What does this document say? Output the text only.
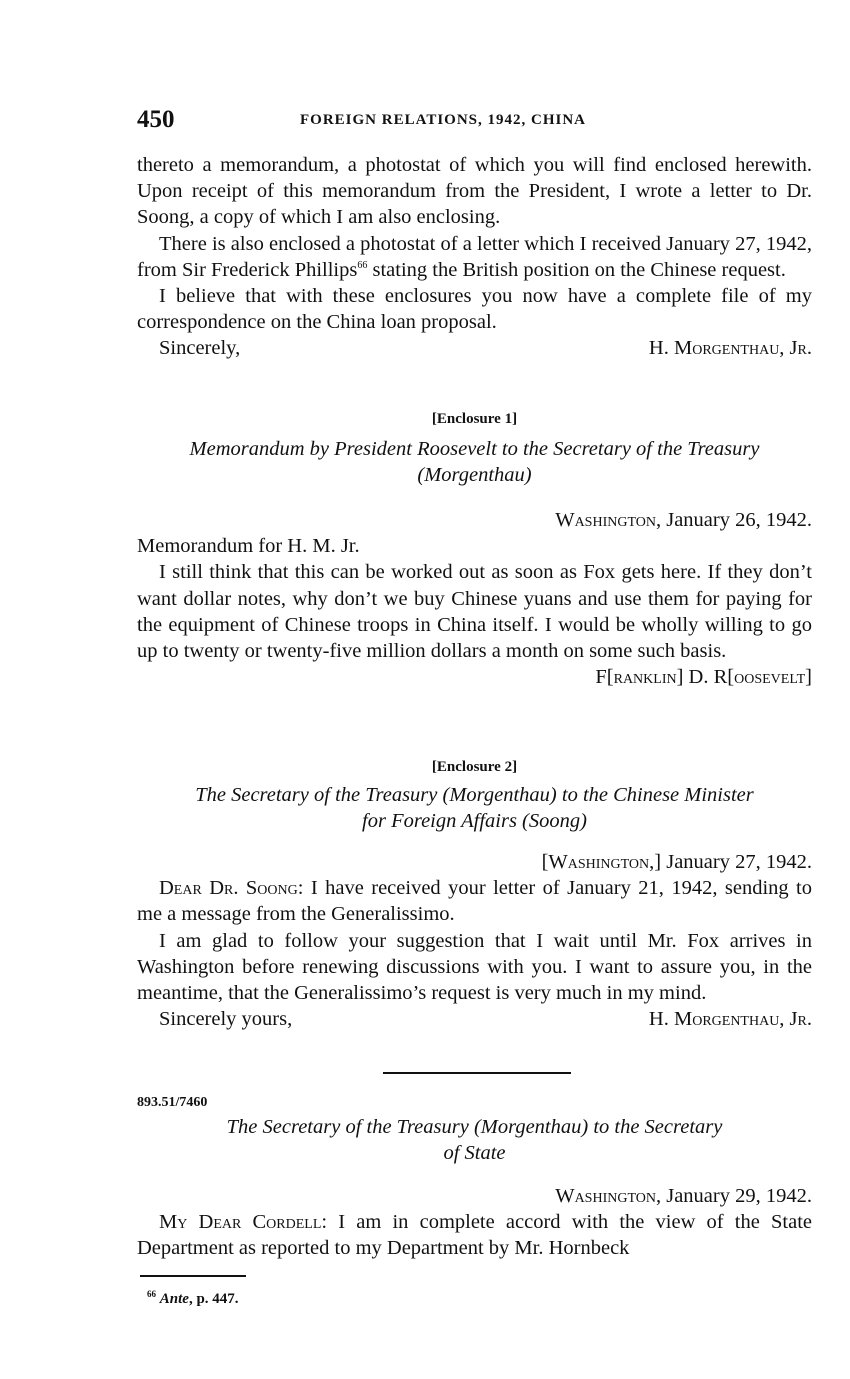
450	FOREIGN RELATIONS, 1942, CHINA

thereto a memorandum, a photostat of which you will find enclosed herewith. Upon receipt of this memorandum from the President, I wrote a letter to Dr. Soong, a copy of which I am also enclosing.

There is also enclosed a photostat of a letter which I received January 27, 1942, from Sir Frederick Phillips$^{66}$ stating the British position on the Chinese request.

I believe that with these enclosures you now have a complete file of my correspondence on the China loan proposal.

Sincerely,	H. Morgenthau, Jr.
[Enclosure 1]
Memorandum by President Roosevelt to the Secretary of the Treasury
(Morgenthau)
Washington, January 26, 1942.

Memorandum for H. M. Jr.

I still think that this can be worked out as soon as Fox gets here. If they don’t want dollar notes, why don’t we buy Chinese yuans and use them for paying for the equipment of Chinese troops in China itself. I would be wholly willing to go up to twenty or twenty-five million dollars a month on some such basis.

F[ranklin] D. R[oosevelt]
[Enclosure 2]
The Secretary of the Treasury (Morgenthau) to the Chinese Minister
for Foreign Affairs (Soong)
[Washington,] January 27, 1942.

Dear Dr. Soong: I have received your letter of January 21, 1942, sending to me a message from the Generalissimo.

I am glad to follow your suggestion that I wait until Mr. Fox arrives in Washington before renewing discussions with you. I want to assure you, in the meantime, that the Generalissimo’s request is very much in my mind.

Sincerely yours,	H. Morgenthau, Jr.
893.51/7460
The Secretary of the Treasury (Morgenthau) to the Secretary
of State
Washington, January 29, 1942.

My Dear Cordell: I am in complete accord with the view of the State Department as reported to my Department by Mr. Hornbeck

$^{66}$ Ante, p. 447.
